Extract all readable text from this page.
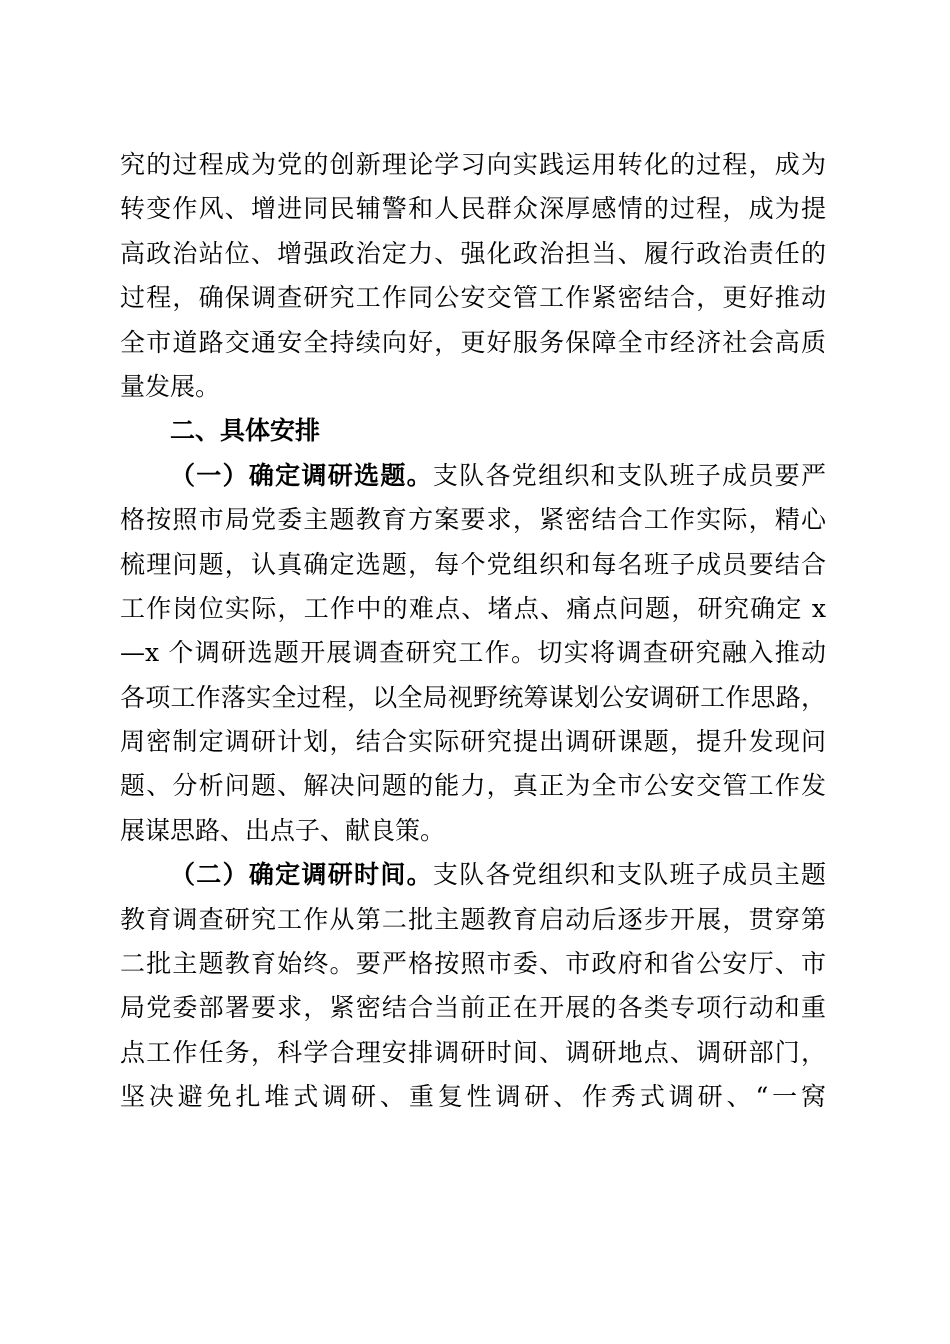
究的过程成为党的创新理论学习向实践运用转化的过程，成为
转变作风、增进同民辅警和人民群众深厚感情的过程，成为提
高政治站位、增强政治定力、强化政治担当、履行政治责任的
过程，确保调查研究工作同公安交管工作紧密结合，更好推动
全市道路交通安全持续向好，更好服务保障全市经济社会高质
量发展。
二、具体安排
（一）确定调研选题。支队各党组织和支队班子成员要严
格按照市局党委主题教育方案要求，紧密结合工作实际，精心
梳理问题，认真确定选题，每个党组织和每名班子成员要结合
工作岗位实际，工作中的难点、堵点、痛点问题，研究确定 x
—x 个调研选题开展调查研究工作。切实将调查研究融入推动
各项工作落实全过程，以全局视野统筹谋划公安调研工作思路，
周密制定调研计划，结合实际研究提出调研课题，提升发现问
题、分析问题、解决问题的能力，真正为全市公安交管工作发
展谋思路、出点子、献良策。
（二）确定调研时间。支队各党组织和支队班子成员主题
教育调查研究工作从第二批主题教育启动后逐步开展，贯穿第
二批主题教育始终。要严格按照市委、市政府和省公安厅、市
局党委部署要求，紧密结合当前正在开展的各类专项行动和重
点工作任务，科学合理安排调研时间、调研地点、调研部门，
坚决避免扎堆式调研、重复性调研、作秀式调研、“一窝
